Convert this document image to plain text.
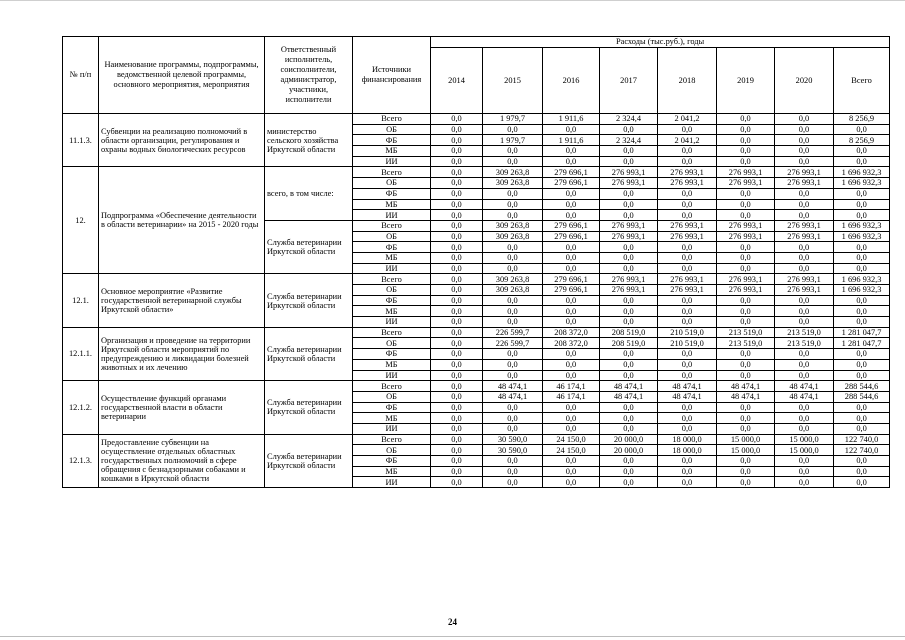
№ п/п	Наименование программы, подпрограммы, ведомственной целевой программы, основного мероприятия, мероприятия	Ответственный исполнитель, соисполнители, администратор, участники, исполнители	Источники финансирования	Расходы (тыс.руб.), годы							
				2014	2015	2016	2017	2018	2019	2020	Всего
11.1.3.	Субвенции на реализацию полномочий в области организации, регулирования и охраны водных биологических ресурсов	министерство сельского хозяйства Иркутской области	Всего	0,0	1 979,7	1 911,6	2 324,4	2 041,2	0,0	0,0	8 256,9
			ОБ	0,0	0,0	0,0	0,0	0,0	0,0	0,0	0,0
			ФБ	0,0	1 979,7	1 911,6	2 324,4	2 041,2	0,0	0,0	8 256,9
			МБ	0,0	0,0	0,0	0,0	0,0	0,0	0,0	0,0
			ИИ	0,0	0,0	0,0	0,0	0,0	0,0	0,0	0,0
12.	Подпрограмма «Обеспечение деятельности в области ветеринарии» на 2015 - 2020 годы	всего, в том числе:	Всего	0,0	309 263,8	279 696,1	276 993,1	276 993,1	276 993,1	276 993,1	1 696 932,3
			ОБ	0,0	309 263,8	279 696,1	276 993,1	276 993,1	276 993,1	276 993,1	1 696 932,3
			ФБ	0,0	0,0	0,0	0,0	0,0	0,0	0,0	0,0
			МБ	0,0	0,0	0,0	0,0	0,0	0,0	0,0	0,0
			ИИ	0,0	0,0	0,0	0,0	0,0	0,0	0,0	0,0
		Служба ветеринарии Иркутской области	Всего	0,0	309 263,8	279 696,1	276 993,1	276 993,1	276 993,1	276 993,1	1 696 932,3
			ОБ	0,0	309 263,8	279 696,1	276 993,1	276 993,1	276 993,1	276 993,1	1 696 932,3
			ФБ	0,0	0,0	0,0	0,0	0,0	0,0	0,0	0,0
			МБ	0,0	0,0	0,0	0,0	0,0	0,0	0,0	0,0
			ИИ	0,0	0,0	0,0	0,0	0,0	0,0	0,0	0,0
12.1.	Основное мероприятие «Развитие государственной ветеринарной службы Иркутской области»	Служба ветеринарии Иркутской области	Всего	0,0	309 263,8	279 696,1	276 993,1	276 993,1	276 993,1	276 993,1	1 696 932,3
			ОБ	0,0	309 263,8	279 696,1	276 993,1	276 993,1	276 993,1	276 993,1	1 696 932,3
			ФБ	0,0	0,0	0,0	0,0	0,0	0,0	0,0	0,0
			МБ	0,0	0,0	0,0	0,0	0,0	0,0	0,0	0,0
			ИИ	0,0	0,0	0,0	0,0	0,0	0,0	0,0	0,0
12.1.1.	Организация и проведение на территории Иркутской области мероприятий по предупреждению и ликвидации болезней животных и их лечению	Служба ветеринарии Иркутской области	Всего	0,0	226 599,7	208 372,0	208 519,0	210 519,0	213 519,0	213 519,0	1 281 047,7
			ОБ	0,0	226 599,7	208 372,0	208 519,0	210 519,0	213 519,0	213 519,0	1 281 047,7
			ФБ	0,0	0,0	0,0	0,0	0,0	0,0	0,0	0,0
			МБ	0,0	0,0	0,0	0,0	0,0	0,0	0,0	0,0
			ИИ	0,0	0,0	0,0	0,0	0,0	0,0	0,0	0,0
12.1.2.	Осуществление функций органами государственной власти в области ветеринарии	Служба ветеринарии Иркутской области	Всего	0,0	48 474,1	46 174,1	48 474,1	48 474,1	48 474,1	48 474,1	288 544,6
			ОБ	0,0	48 474,1	46 174,1	48 474,1	48 474,1	48 474,1	48 474,1	288 544,6
			ФБ	0,0	0,0	0,0	0,0	0,0	0,0	0,0	0,0
			МБ	0,0	0,0	0,0	0,0	0,0	0,0	0,0	0,0
			ИИ	0,0	0,0	0,0	0,0	0,0	0,0	0,0	0,0
12.1.3.	Предоставление субвенции на осуществление отдельных областных государственных полномочий в сфере обращения с безнадзорными собаками и кошками в Иркутской области	Служба ветеринарии Иркутской области	Всего	0,0	30 590,0	24 150,0	20 000,0	18 000,0	15 000,0	15 000,0	122 740,0
			ОБ	0,0	30 590,0	24 150,0	20 000,0	18 000,0	15 000,0	15 000,0	122 740,0
			ФБ	0,0	0,0	0,0	0,0	0,0	0,0	0,0	0,0
			МБ	0,0	0,0	0,0	0,0	0,0	0,0	0,0	0,0
			ИИ	0,0	0,0	0,0	0,0	0,0	0,0	0,0	0,0
24
